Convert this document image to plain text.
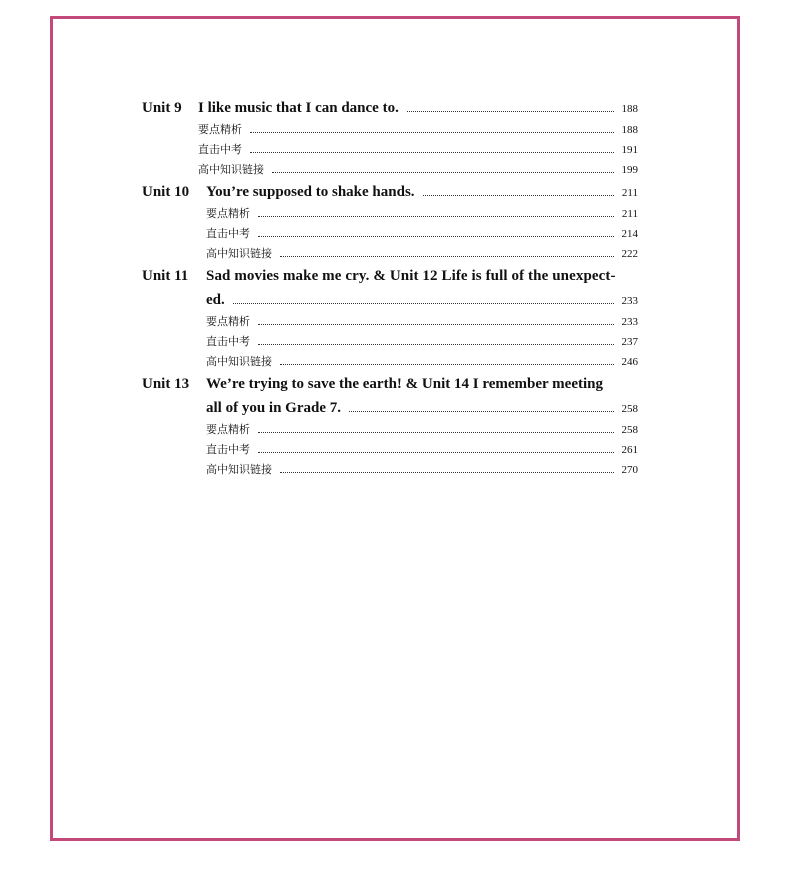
Unit 9	I like music that I can dance to.	188
要点精析	188
直击中考	191
高中知识链接	199
Unit 10	You’re supposed to shake hands.	211
要点精析	211
直击中考	214
高中知识链接	222
Unit 11	Sad movies make me cry. & Unit 12 Life is full of the unexpect-
ed.	233
要点精析	233
直击中考	237
高中知识链接	246
Unit 13	We’re trying to save the earth! & Unit 14 I remember meeting
all of you in Grade 7.	258
要点精析	258
直击中考	261
高中知识链接	270
